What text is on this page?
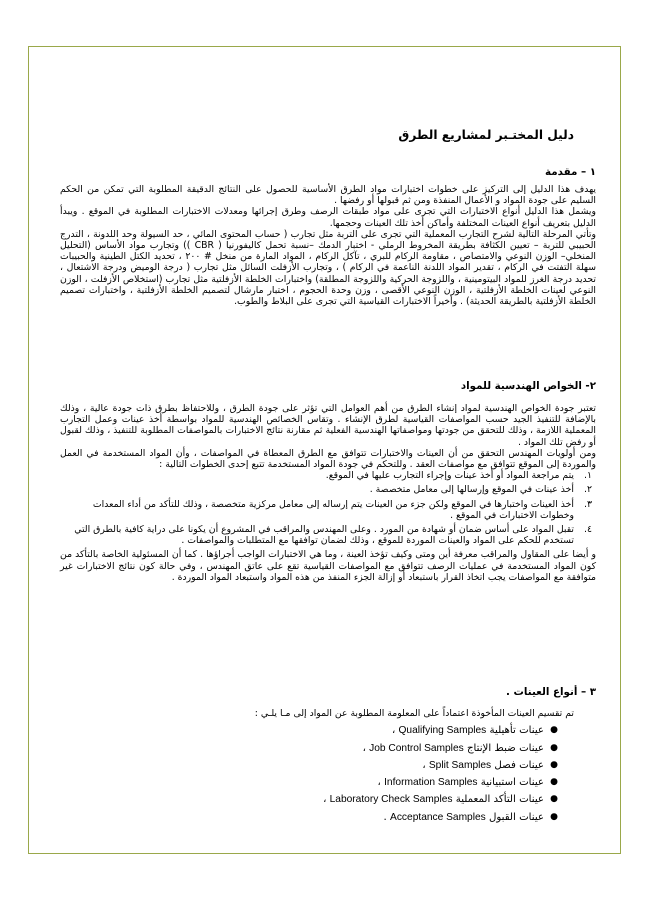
دليل المختـبر لمشاريع الطرق
١ – مقدمة

يهدف هذا الدليل إلى التركيز على خطوات اختبارات مواد الطرق الأساسية للحصول على النتائج الدقيقة المطلوبة التي تمكن من الحكم السليم على جودة المواد و الأعمال المنفذة ومن ثم قبولها أو رفضها .

ويشمل هذا الدليل أنواع الاختبارات التي تجرى على مواد طبقات الرصف وطرق إجرائها ومعدلات الاختبارات المطلوبة في الموقع . ويبدأ الدليل بتعريف أنواع العينات المختلفة وأماكن أخذ تلك العينات وحجمها.

وتأتي المرحلة التالية لشرح التجارب المعملية التي تجرى على التربة مثل تجارب ( حساب المحتوى المائي ، حد السيولة وحد اللدونة ، التدرج الحبيبي للتربة – تعيين الكثافة بطريقة المخروط الرملي - اختبار الدمك –نسبة تحمل كاليفورنيا ( CBR )) وتجارب مواد الأساس (التحليل المنخلي– الوزن النوعي والامتصاص ، مقاومة الركام للبري ، تآكل الركام ، المواد المارة من منخل # ٢٠٠ ، تحديد الكتل الطينية والحبيبات سهلة التفتت في الركام ، تقدير المواد اللدنة الناعمة في الركام ) ، وتجارب الأزفلت السائل مثل تجارب ( درجة الوميض ودرجة الاشتعال ، تحديد درجة الغرز للمواد البيتومينية ، واللزوجة الحركية واللزوجة المطلقة) واختبارات الخلطة الأزفلتية مثل تجارب (استخلاص الأزفلت ، الوزن النوعي لعينات الخلطة الأزفلتية ، الوزن النوعي الأقصى ، وزن وحدة الحجوم ، اختبار مارشال لتصميم الخلطة الأزفلتية ، واختبارات تصميم الخلطة الأزفلتية بالطريقة الحديثة) . وأخيراً الاختبارات القياسية التي تجرى على البلاط والطوب.

٢- الخواص الهندسية للمواد

تعتبر جودة الخواص الهندسية لمواد إنشاء الطرق من أهم العوامل التي تؤثر على جودة الطرق ، وللاحتفاظ بطرق ذات جودة عالية ، وذلك بالإضافة للتنفيذ الجيد حسب المواصفات القياسية لطرق الإنشاء . وتقاس الخصائص الهندسية للمواد بواسطة أخذ عينات وعمل التجارب المعملية اللازمة ، وذلك للتحقق من جودتها ومواصفاتها الهندسية الفعلية ثم مقارنة نتائج الاختبارات بالمواصفات المطلوبة للتنفيذ ، وذلك لقبول أو رفض تلك المواد .

ومن أولويات المهندس التحقق من أن العينات والاختبارات تتوافق مع الطرق المعطاة في المواصفات ، وأن المواد المستخدمة في العمل والموردة إلى الموقع تتوافق مع مواصفات العقد . وللتحكم في جودة المواد المستخدمة تتبع إحدى الخطوات التالية :

١.
يتم مراجعة المواد أو أخذ عينات وإجراء التجارب عليها في الموقع.
٢.
أخذ عينات في الموقع وإرسالها إلى معامل متخصصة .
٣.
أخذ العينات واختبارها في الموقع ولكن جزء من العينات يتم إرساله إلى معامل مركزية متخصصة ، وذلك للتأكد من أداء المعدات وخطوات الاختبارات في الموقع .
٤.
تقبل المواد على أساس ضمان أو شهادة من المورد . وعلى المهندس والمراقب في المشروع أن يكونا على دراية كافية بالطرق التي تستخدم للحكم على المواد والعينات الموردة للموقع ، وذلك لضمان توافقها مع المتطلبات والمواصفات .

و أيضا على المقاول والمراقب معرفة أين ومتى وكيف تؤخذ العينة ، وما هي الاختبارات الواجب أجراؤها . كما أن المسئولية الخاصة بالتأكد من كون المواد المستخدمة في عمليات الرصف تتوافق مع المواصفات القياسية تقع على عاتق المهندس ، وفي حالة كون نتائج الاختبارات غير متوافقة مع المواصفات يجب اتخاذ القرار باستبعاد أو إزالة الجزء المنفذ من هذه المواد واستبعاد المواد الموردة .

٣ – أنواع العينات .

تم تقسيم العينات المأخوذة اعتماداً على المعلومة المطلوبة عن المواد إلى مـا يلـي :

●
عينات تأهيلية Qualifying Samples ،
●
عينات ضبط الإنتاج Job Control Samples ،
●
عينات فصل Split Samples ،
●
عينات استبيانية Information Samples ،
●
عينات التأكد المعملية Laboratory Check Samples ،
●
عينات القبول Acceptance Samples .
